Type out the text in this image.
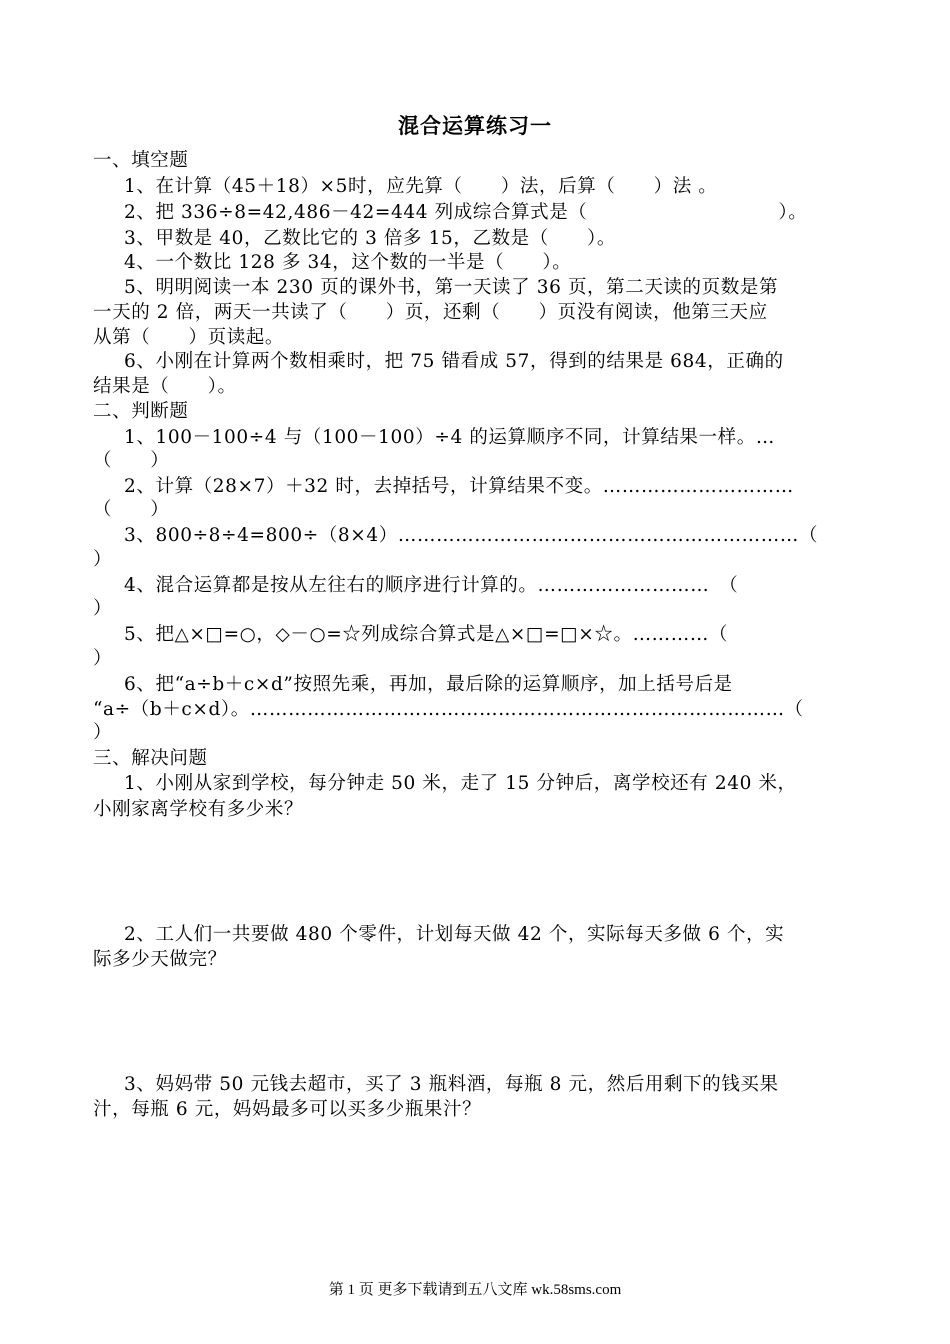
混合运算练习一
一、填空题
1、在计算（45＋18）×5时，应先算（　　）法，后算（　　）法 。
2、把 336÷8=42,486－42=444 列成综合算式是（　　　　　　　　　　）。
3、甲数是 40，乙数比它的 3 倍多 15，乙数是（　　）。
4、一个数比 128 多 34，这个数的一半是（　　）。
5、明明阅读一本 230 页的课外书，第一天读了 36 页，第二天读的页数是第
一天的 2 倍，两天一共读了（　　）页，还剩（　　）页没有阅读，他第三天应
从第（　　）页读起。
6、小刚在计算两个数相乘时，把 75 错看成 57，得到的结果是 684，正确的
结果是（　　）。
二、判断题
1、100－100÷4 与（100－100）÷4 的运算顺序不同，计算结果一样。…
（　　）
2、计算（28×7）＋32 时，去掉括号，计算结果不变。…………………………
（　　）
3、800÷8÷4=800÷（8×4）………………………………………………………（
）
4、混合运算都是按从左往右的顺序进行计算的。………………………　（
）
5、把△×□=○，◇－○=☆列成综合算式是△×□=□×☆。…………（
）
6、把“a÷b＋c×d”按照先乘，再加，最后除的运算顺序，加上括号后是
“a÷（b＋c×d）。…………………………………………………………………………（
）
三、解决问题
1、小刚从家到学校，每分钟走 50 米，走了 15 分钟后，离学校还有 240 米，
小刚家离学校有多少米？
2、工人们一共要做 480 个零件，计划每天做 42 个，实际每天多做 6 个，实
际多少天做完？
3、妈妈带 50 元钱去超市，买了 3 瓶料酒，每瓶 8 元，然后用剩下的钱买果
汁，每瓶 6 元，妈妈最多可以买多少瓶果汁？
第 1 页 更多下载请到五八文库 wk.58sms.com
